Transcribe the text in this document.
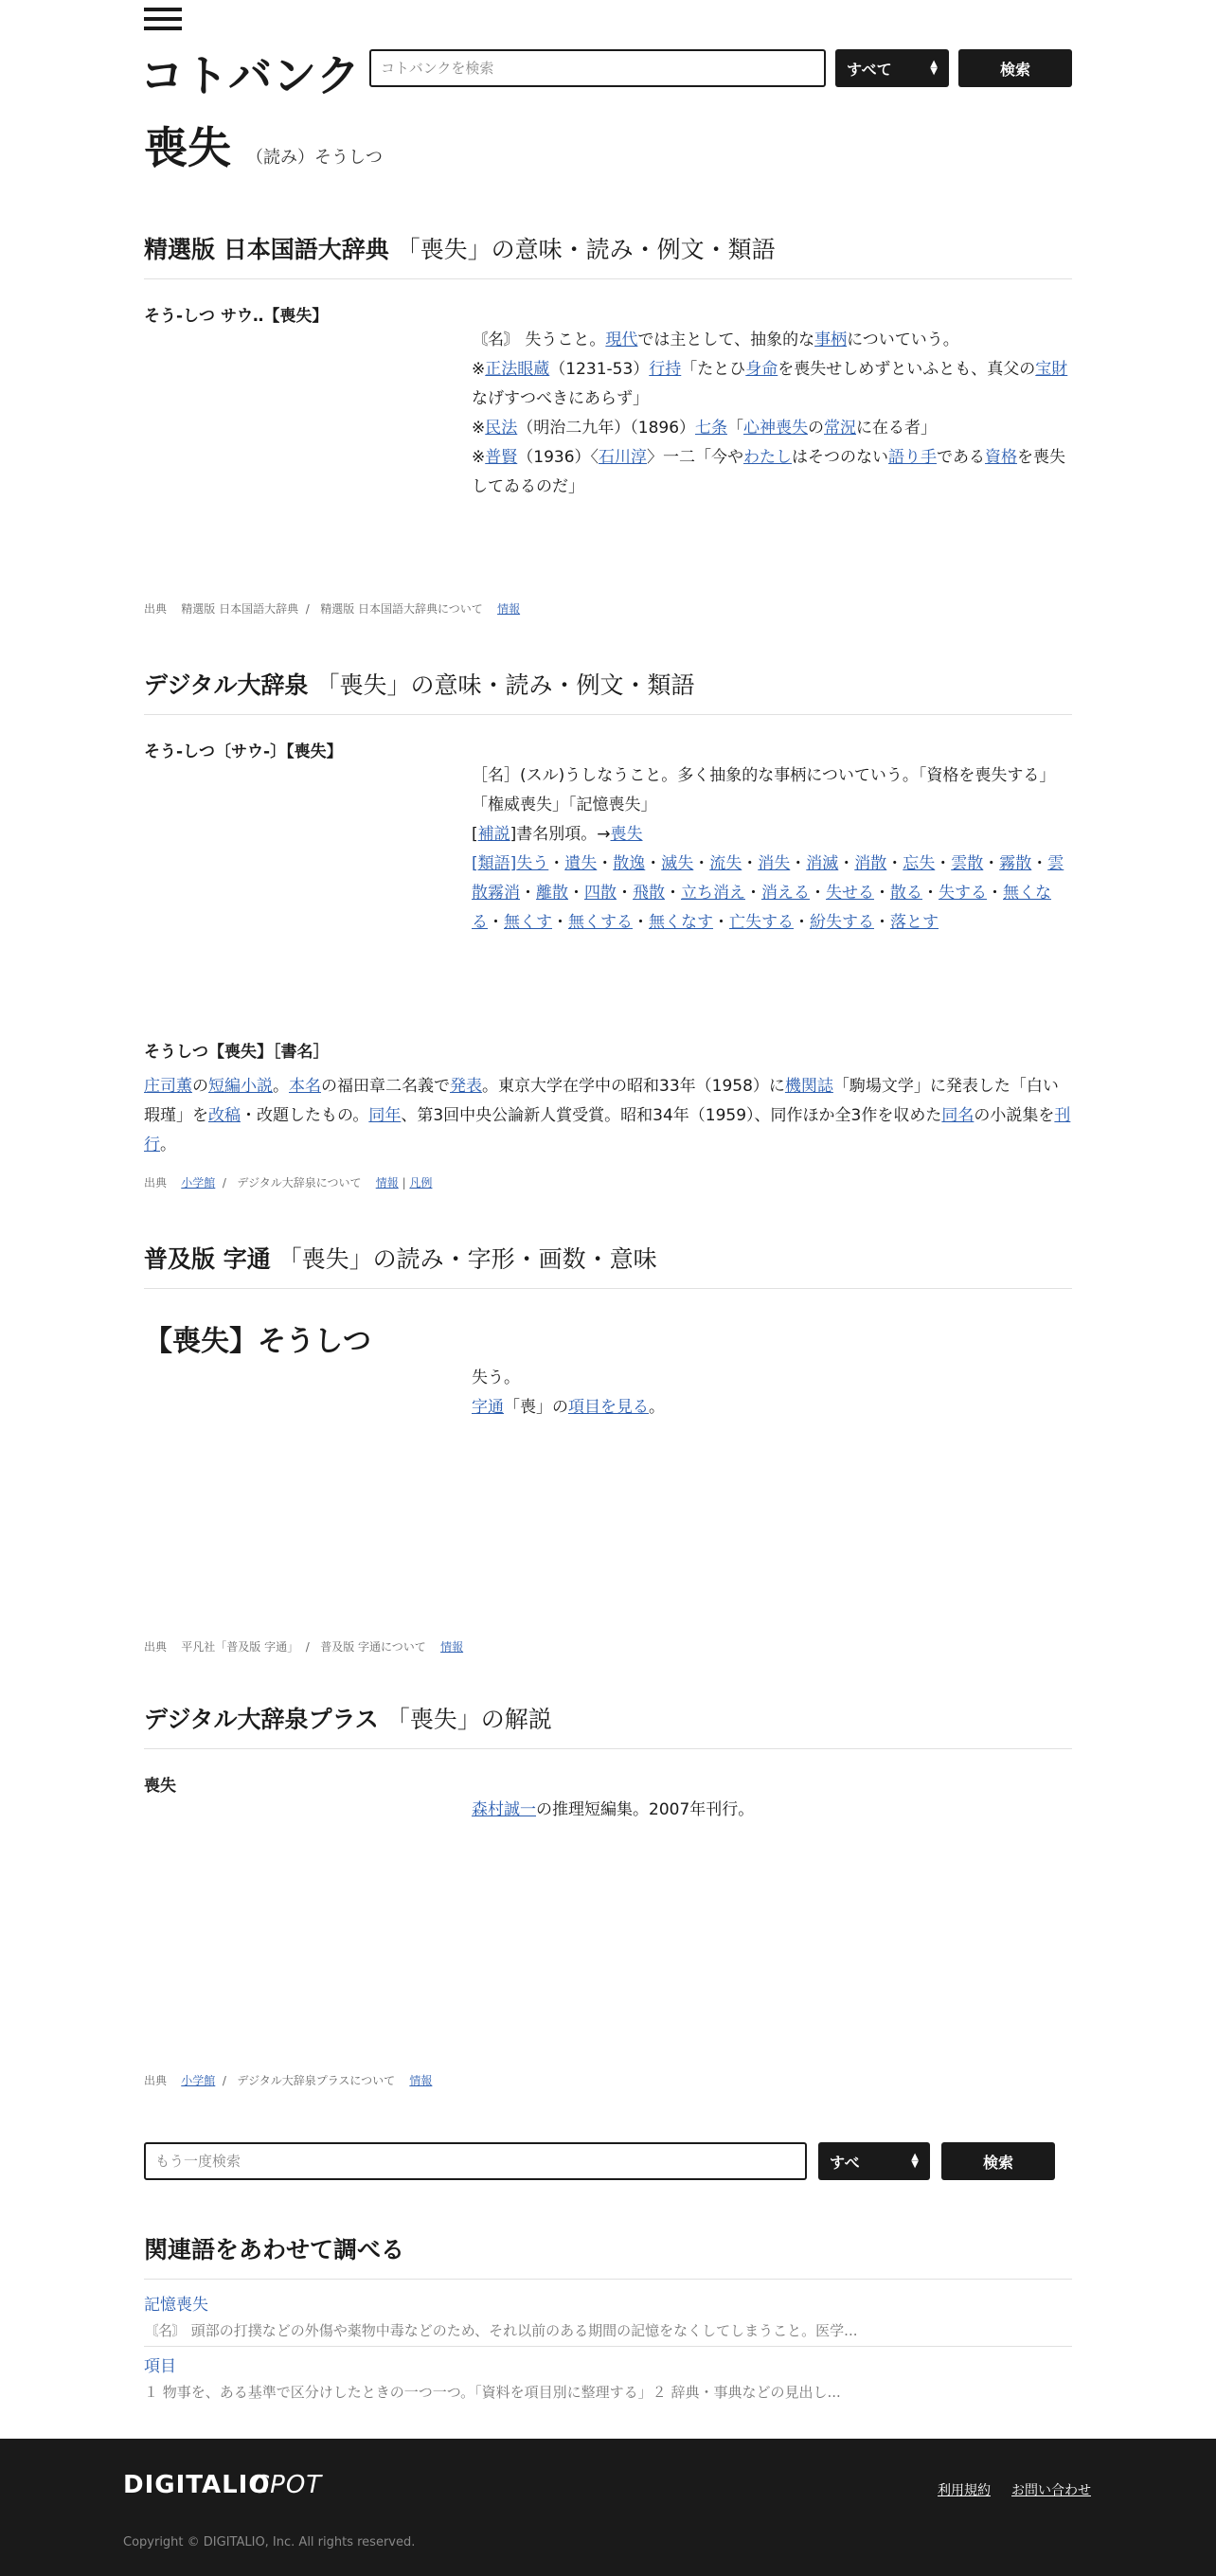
コトバンク
コトバンクを検索	すべて	▲
▼	検索
喪失 （読み）そうしつ
精選版 日本国語大辞典 「喪失」の意味・読み・例文・類語
そう‐しつ サウ‥【喪失】
〘名〙 失うこと。現代では主として、抽象的な事柄についていう。
※正法眼蔵（1231‐53）行持「たとひ身命を喪失せしめずといふとも、真父の宝財なげすつべきにあらず」
※民法（明治二九年）（1896）七条「心神喪失の常況に在る者」
※普賢（1936）〈石川淳〉一二「今やわたしはそつのない語り手である資格を喪失してゐるのだ」
出典 精選版 日本国語大辞典  /   精選版 日本国語大辞典について 情報
デジタル大辞泉 「喪失」の意味・読み・例文・類語
そう‐しつ〔サウ‐〕【喪失】
［名］(スル)うしなうこと。多く抽象的な事柄についていう。「資格を喪失する」「権威喪失」「記憶喪失」
[補説]書名別項。→喪失
[類語]失う・遺失・散逸・滅失・流失・消失・消滅・消散・忘失・雲散・霧散・雲散霧消・離散・四散・飛散・立ち消え・消える・失せる・散る・失する・無くなる・無くす・無くする・無くなす・亡失する・紛失する・落とす
そうしつ【喪失】［書名］
庄司薫の短編小説。本名の福田章二名義で発表。東京大学在学中の昭和33年（1958）に機関誌「駒場文学」に発表した「白い瑕瑾」を改稿・改題したもの。同年、第3回中央公論新人賞受賞。昭和34年（1959）、同作ほか全3作を収めた同名の小説集を刊行。
出典 小学館  /   デジタル大辞泉について 情報 | 凡例
普及版 字通 「喪失」の読み・字形・画数・意味
【喪失】そうしつ
失う。
字通「喪」の項目を見る。
出典 平凡社「普及版 字通」  /   普及版 字通について 情報
デジタル大辞泉プラス 「喪失」の解説
喪失
森村誠一の推理短編集。2007年刊行。
出典 小学館  /   デジタル大辞泉プラスについて 情報
もう一度検索
すべ	▲
▼	検索
関連語をあわせて調べる
記憶喪失
〘名〙 頭部の打撲などの外傷や薬物中毒などのため、それ以前のある期間の記憶をなくしてしまうこと。医学...
項目
１ 物事を、ある基準で区分けしたときの一つ一つ。「資料を項目別に整理する」２ 辞典・事典などの見出し...
DIGITALIO
CPOT	利用規約 お問い合わせ
Copyright © DIGITALIO, Inc. All rights reserved.
